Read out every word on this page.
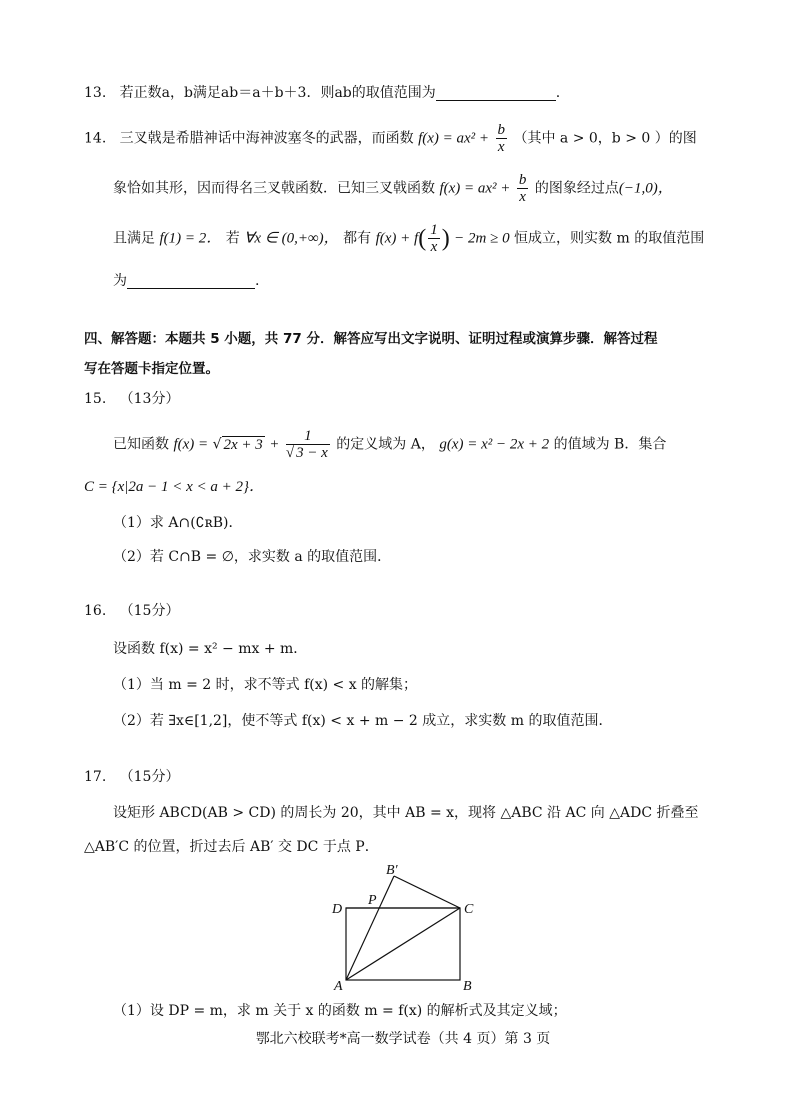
13. 若正数a，b满足ab＝a＋b＋3．则ab的取值范围为	.
14. 三叉戟是希腊神话中海神波塞冬的武器，而函数 $f(x) = ax^2 + \frac{b}{x}$ （其中 a > 0，b > 0 ）的图
象恰如其形，因而得名三叉戟函数．已知三叉戟函数 $f(x) = ax^2 + \frac{b}{x}$ 的图象经过点(−1,0)，
且满足 f(1) = 2． 若 ∀x ∈ (0,+∞)， 都有 $f(x) + f( \frac{1}{x}$ ) − 2m ≥ 0 恒成立，则实数 m 的取值范围
为	.
四、解答题：本题共 5 小题，共 77 分．解答应写出文字说明、证明过程或演算步骤．解答过程
写在答题卡指定位置。
15. （13分）
已知函数 f(x) = √ $2x + 3 + \frac{1}{√ 3 - x}$ 的定义域为 A， g(x) = x² − 2x + 2 的值域为 B．集合
C = {x|2a − 1 < x < a + 2}．
（1）求 A∩(∁ʀB)．
（2）若 C∩B = ∅，求实数 a 的取值范围．
16. （15分）
设函数 f(x) = x² − mx + m．
（1）当 m = 2 时，求不等式 f(x) < x 的解集；
（2）若 ∃x∈[1,2]，使不等式 f(x) < x + m − 2 成立，求实数 m 的取值范围．
17. （15分）
设矩形 ABCD(AB > CD) 的周长为 20，其中 AB = x，现将 △ABC 沿 AC 向 △ADC 折叠至
△AB′C 的位置，折过去后 AB′ 交 DC 于点 P．
A	B
C
D
P
B′
（1）设 DP = m，求 m 关于 x 的函数 m = f(x) 的解析式及其定义域；
鄂北六校联考*高一数学试卷（共 4 页）第 3 页
